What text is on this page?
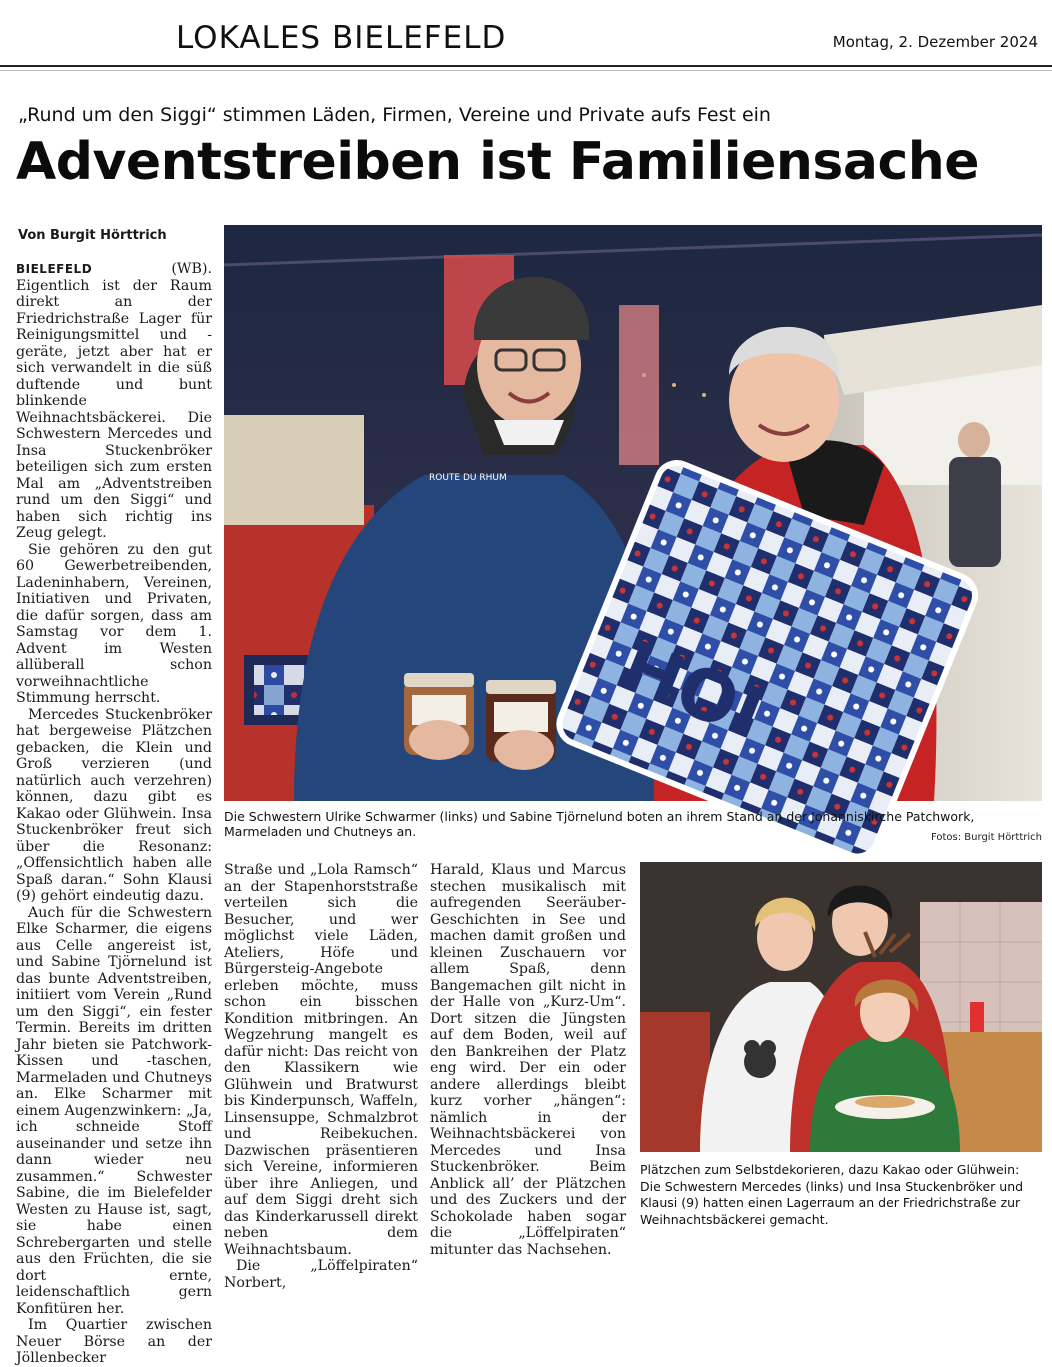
LOKALES BIELEFELD	Montag, 2. Dezember 2024
„Rund um den Siggi“ stimmen Läden, Firmen, Vereine und Private aufs Fest ein
Adventstreiben ist Familiensache
Von Burgit Hörttrich

BIELEFELD (WB). Eigentlich ist der Raum direkt an der Friedrichstraße Lager für Reinigungsmittel und -geräte, jetzt aber hat er sich verwandelt in die süß duftende und bunt blinkende Weihnachtsbäckerei. Die Schwestern Mercedes und Insa Stuckenbröker beteiligen sich zum ersten Mal am „Adventstreiben rund um den Siggi“ und haben sich richtig ins Zeug gelegt.

Sie gehören zu den gut 60 Gewerbetreibenden, Ladeninhabern, Vereinen, Initiativen und Privaten, die dafür sorgen, dass am Samstag vor dem 1. Advent im Westen allüberall schon vorweihnachtliche Stimmung herrscht.

Mercedes Stuckenbröker hat bergeweise Plätzchen gebacken, die Klein und Groß verzieren (und natürlich auch verzehren) können, dazu gibt es Kakao oder Glühwein. Insa Stuckenbröker freut sich über die Resonanz: „Offensichtlich haben alle Spaß daran.“ Sohn Klausi (9) gehört eindeutig dazu.

Auch für die Schwestern Elke Scharmer, die eigens aus Celle angereist ist, und Sabine Tjörnelund ist das bunte Adventstreiben, initiiert vom Verein „Rund um den Siggi“, ein fester Termin. Bereits im dritten Jahr bieten sie Patchwork-Kissen und -taschen, Marmeladen und Chutneys an. Elke Scharmer mit einem Augenzwinkern: „Ja, ich schneide Stoff auseinander und setze ihn dann wieder neu zusammen.“ Schwester Sabine, die im Bielefelder Westen zu Hause ist, sagt, sie habe einen Schrebergarten und stelle aus den Früchten, die sie dort ernte, leidenschaftlich gern Konfitüren her.

Im Quartier zwischen Neuer Börse an der Jöllenbecker

ROUTE DU RHUM
HOI
Die Schwestern Ulrike Schwarmer (links) und Sabine Tjörnelund boten an ihrem Stand an der Johanniskirche Patchwork, Marmeladen und Chutneys an.	Fotos: Burgit Hörttrich

Straße und „Lola Ramsch“ an der Stapenhorststraße verteilen sich die Besucher, und wer möglichst viele Läden, Ateliers, Höfe und Bürgersteig-Angebote erleben möchte, muss schon ein bisschen Kondition mitbringen. An Wegzehrung mangelt es dafür nicht: Das reicht von den Klassikern wie Glühwein und Bratwurst bis Kinderpunsch, Waffeln, Linsensuppe, Schmalzbrot und Reibekuchen. Dazwischen präsentieren sich Vereine, informieren über ihre Anliegen, und auf dem Siggi dreht sich das Kinderkarussell direkt neben dem Weihnachtsbaum.

Die „Löffelpiraten“ Norbert,

Harald, Klaus und Marcus stechen musikalisch mit aufregenden Seeräuber-Geschichten in See und machen damit großen und kleinen Zuschauern vor allem Spaß, denn Bangemachen gilt nicht in der Halle von „Kurz-Um“. Dort sitzen die Jüngsten auf dem Boden, weil auf den Bankreihen der Platz eng wird. Der ein oder andere allerdings bleibt kurz vorher „hängen“: nämlich in der Weihnachtsbäckerei von Mercedes und Insa Stuckenbröker. Beim Anblick all’ der Plätzchen und des Zuckers und der Schokolade haben sogar die „Löffelpiraten“ mitunter das Nachsehen.

Plätzchen zum Selbstdekorieren, dazu Kakao oder Glühwein: Die Schwestern Mercedes (links) und Insa Stuckenbröker und Klausi (9) hatten einen Lagerraum an der Friedrichstraße zur Weihnachtsbäckerei gemacht.
